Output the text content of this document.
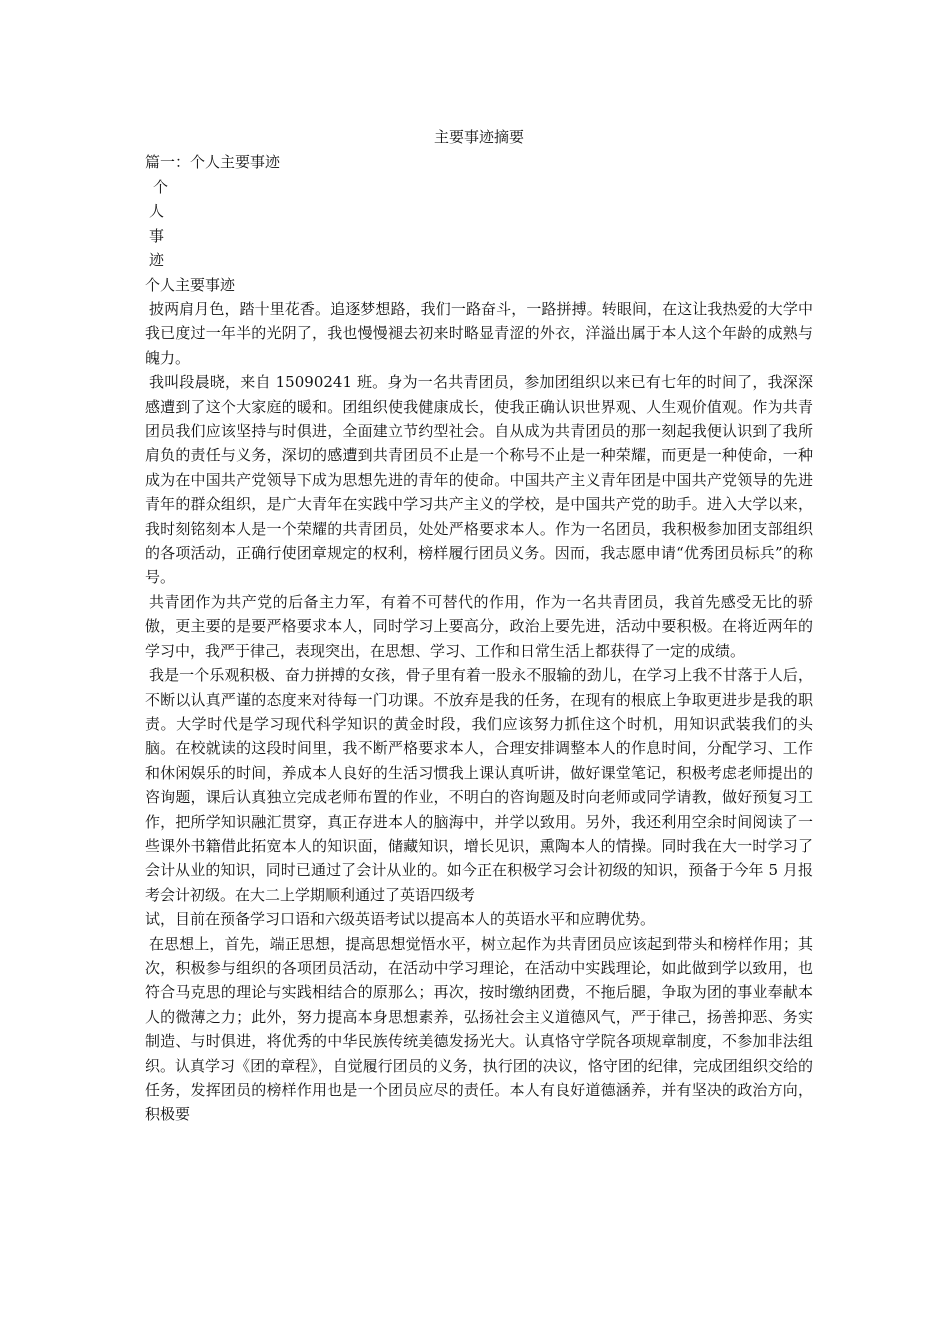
主要事迹摘要
篇一：个人主要事迹
个
人
事
迹
个人主要事迹

披两肩月色，踏十里花香。追逐梦想路，我们一路奋斗，一路拼搏。转眼间，在这让我热爱的大学中我已度过一年半的光阴了，我也慢慢褪去初来时略显青涩的外衣，洋溢出属于本人这个年龄的成熟与魄力。

我叫段晨晓，来自 15090241 班。身为一名共青团员，参加团组织以来已有七年的时间了，我深深感遭到了这个大家庭的暖和。团组织使我健康成长，使我正确认识世界观、人生观价值观。作为共青团员我们应该坚持与时俱进，全面建立节约型社会。自从成为共青团员的那一刻起我便认识到了我所肩负的责任与义务，深切的感遭到共青团员不止是一个称号不止是一种荣耀，而更是一种使命，一种成为在中国共产党领导下成为思想先进的青年的使命。中国共产主义青年团是中国共产党领导的先进青年的群众组织，是广大青年在实践中学习共产主义的学校，是中国共产党的助手。进入大学以来，我时刻铭刻本人是一个荣耀的共青团员，处处严格要求本人。作为一名团员，我积极参加团支部组织的各项活动，正确行使团章规定的权利，榜样履行团员义务。因而，我志愿申请“优秀团员标兵”的称号。

共青团作为共产党的后备主力军，有着不可替代的作用，作为一名共青团员，我首先感受无比的骄傲，更主要的是要严格要求本人，同时学习上要高分，政治上要先进，活动中要积极。在将近两年的学习中，我严于律己，表现突出，在思想、学习、工作和日常生活上都获得了一定的成绩。

我是一个乐观积极、奋力拼搏的女孩，骨子里有着一股永不服输的劲儿，在学习上我不甘落于人后，不断以认真严谨的态度来对待每一门功课。不放弃是我的任务，在现有的根底上争取更进步是我的职责。大学时代是学习现代科学知识的黄金时段，我们应该努力抓住这个时机，用知识武装我们的头脑。在校就读的这段时间里，我不断严格要求本人，合理安排调整本人的作息时间，分配学习、工作和休闲娱乐的时间，养成本人良好的生活习惯我上课认真听讲，做好课堂笔记，积极考虑老师提出的咨询题，课后认真独立完成老师布置的作业，不明白的咨询题及时向老师或同学请教，做好预复习工作，把所学知识融汇贯穿，真正存进本人的脑海中，并学以致用。另外，我还利用空余时间阅读了一些课外书籍借此拓宽本人的知识面，储藏知识，增长见识，熏陶本人的情操。同时我在大一时学习了会计从业的知识，同时已通过了会计从业的。如今正在积极学习会计初级的知识，预备于今年 5 月报考会计初级。在大二上学期顺利通过了英语四级考

试，目前在预备学习口语和六级英语考试以提高本人的英语水平和应聘优势。

在思想上，首先，端正思想，提高思想觉悟水平，树立起作为共青团员应该起到带头和榜样作用；其次，积极参与组织的各项团员活动，在活动中学习理论，在活动中实践理论，如此做到学以致用，也符合马克思的理论与实践相结合的原那么；再次，按时缴纳团费，不拖后腿，争取为团的事业奉献本人的微薄之力；此外，努力提高本身思想素养，弘扬社会主义道德风气，严于律己，扬善抑恶、务实制造、与时俱进，将优秀的中华民族传统美德发扬光大。认真恪守学院各项规章制度，不参加非法组织。认真学习《团的章程》，自觉履行团员的义务，执行团的决议，恪守团的纪律，完成团组织交给的任务，发挥团员的榜样作用也是一个团员应尽的责任。本人有良好道德涵养，并有坚决的政治方向，积极要
